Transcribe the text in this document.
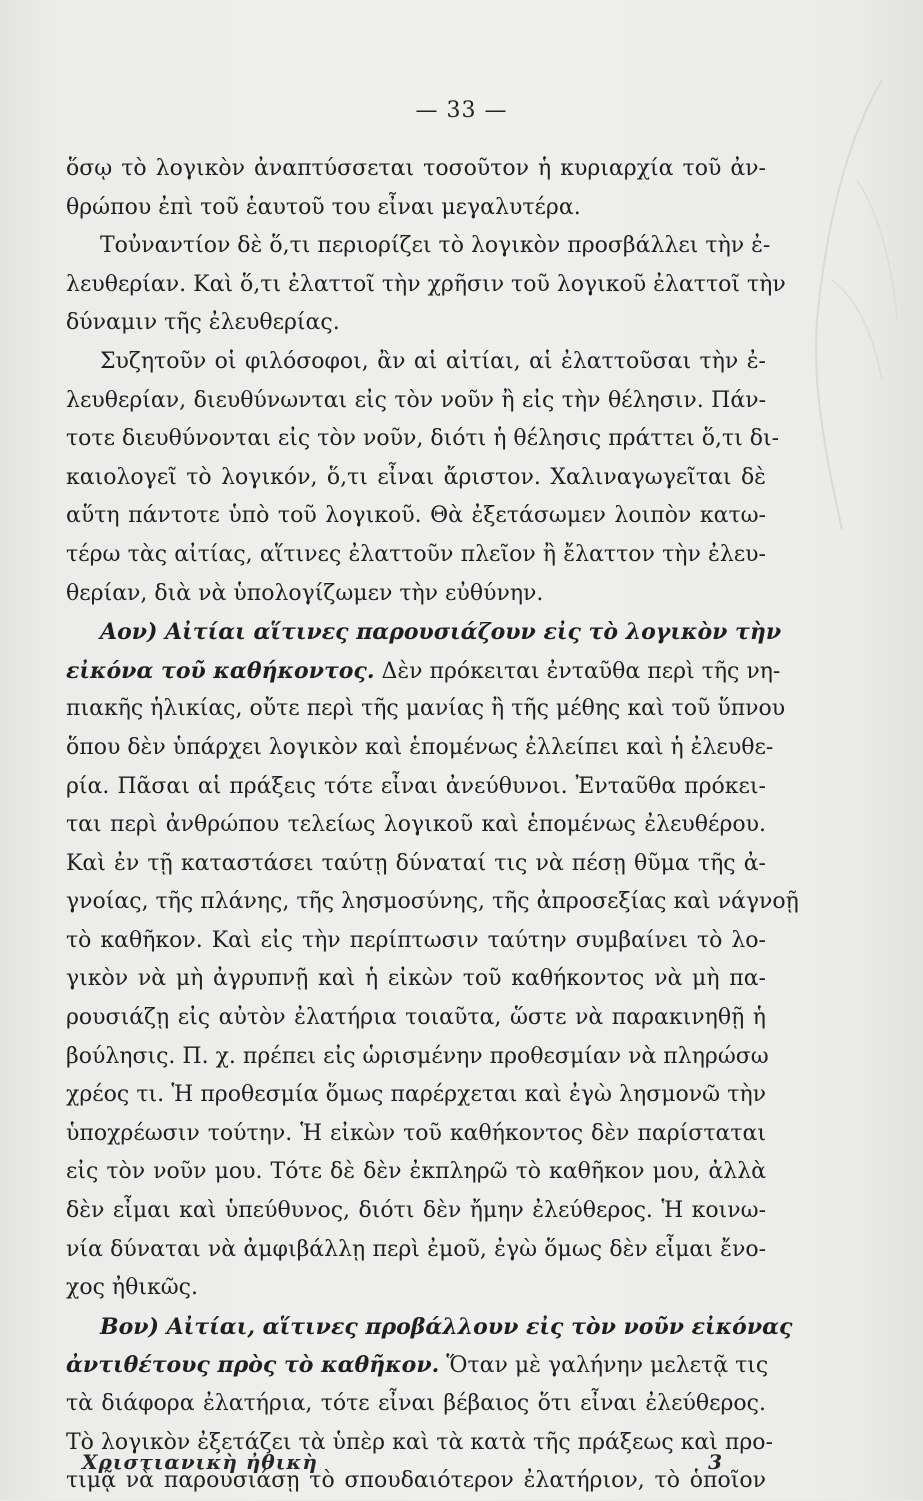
— 33 —
ὅσῳ τὸ λογικὸν ἀναπτύσσεται τοσοῦτον ἡ κυριαρχία τοῦ ἀν-
θρώπου ἐπὶ τοῦ ἑαυτοῦ του εἶναι μεγαλυτέρα.
Τοὐναντίον δὲ ὅ,τι περιορίζει τὸ λογικὸν προσβάλλει τὴν ἐ-
λευθερίαν. Καὶ ὅ,τι ἐλαττοῖ τὴν χρῆσιν τοῦ λογικοῦ ἐλαττοῖ τὴν
δύναμιν τῆς ἐλευθερίας.
Συζητοῦν οἱ φιλόσοφοι, ἂν αἱ αἰτίαι, αἱ ἐλαττοῦσαι τὴν ἐ-
λευθερίαν, διευθύνωνται εἰς τὸν νοῦν ἢ εἰς τὴν θέλησιν. Πάν-
τοτε διευθύνονται εἰς τὸν νοῦν, διότι ἡ θέλησις πράττει ὅ,τι δι-
καιολογεῖ τὸ λογικόν, ὅ,τι εἶναι ἄριστον. Χαλιναγωγεῖται δὲ
αὕτη πάντοτε ὑπὸ τοῦ λογικοῦ. Θὰ ἐξετάσωμεν λοιπὸν κατω-
τέρω τὰς αἰτίας, αἵτινες ἐλαττοῦν πλεῖον ἢ ἔλαττον τὴν ἐλευ-
θερίαν, διὰ νὰ ὑπολογίζωμεν τὴν εὐθύνην.
Αον) Αἰτίαι αἵτινες παρουσιάζουν εἰς τὸ λογικὸν τὴν
εἰκόνα τοῦ καθήκοντος. Δὲν πρόκειται ἐνταῦθα περὶ τῆς νη-
πιακῆς ἡλικίας, οὔτε περὶ τῆς μανίας ἢ τῆς μέθης καὶ τοῦ ὕπνου
ὅπου δὲν ὑπάρχει λογικὸν καὶ ἑπομένως ἐλλείπει καὶ ἡ ἐλευθε-
ρία. Πᾶσαι αἱ πράξεις τότε εἶναι ἀνεύθυνοι. Ἐνταῦθα πρόκει-
ται περὶ ἀνθρώπου τελείως λογικοῦ καὶ ἑπομένως ἐλευθέρου.
Καὶ ἐν τῇ καταστάσει ταύτῃ δύναταί τις νὰ πέσῃ θῦμα τῆς ἀ-
γνοίας, τῆς πλάνης, τῆς λησμοσύνης, τῆς ἀπροσεξίας καὶ νάγνοῇ
τὸ καθῆκον. Καὶ εἰς τὴν περίπτωσιν ταύτην συμβαίνει τὸ λο-
γικὸν νὰ μὴ ἀγρυπνῇ καὶ ἡ εἰκὼν τοῦ καθήκοντος νὰ μὴ πα-
ρουσιάζῃ εἰς αὐτὸν ἐλατήρια τοιαῦτα, ὥστε νὰ παρακινηθῇ ἡ
βούλησις. Π. χ. πρέπει εἰς ὡρισμένην προθεσμίαν νὰ πληρώσω
χρέος τι. Ἡ προθεσμία ὅμως παρέρχεται καὶ ἐγὼ λησμονῶ τὴν
ὑποχρέωσιν τούτην. Ἡ εἰκὼν τοῦ καθήκοντος δὲν παρίσταται
εἰς τὸν νοῦν μου. Τότε δὲ δὲν ἐκπληρῶ τὸ καθῆκον μου, ἀλλὰ
δὲν εἶμαι καὶ ὑπεύθυνος, διότι δὲν ἤμην ἐλεύθερος. Ἡ κοινω-
νία δύναται νὰ ἀμφιβάλλῃ περὶ ἐμοῦ, ἐγὼ ὅμως δὲν εἶμαι ἔνο-
χος ἠθικῶς.
Βον) Αἰτίαι, αἵτινες προβάλλουν εἰς τὸν νοῦν εἰκόνας
ἀντιθέτους πρὸς τὸ καθῆκον. Ὅταν μὲ γαλήνην μελετᾷ τις
τὰ διάφορα ἐλατήρια, τότε εἶναι βέβαιος ὅτι εἶναι ἐλεύθερος.
Τὸ λογικὸν ἐξετάζει τὰ ὑπὲρ καὶ τὰ κατὰ τῆς πράξεως καὶ προ-
τιμᾷ νὰ παρουσιάσῃ τὸ σπουδαιότερον ἐλατήριον, τὸ ὁποῖον
Χριστιανικὴ ἠθικὴ	3
